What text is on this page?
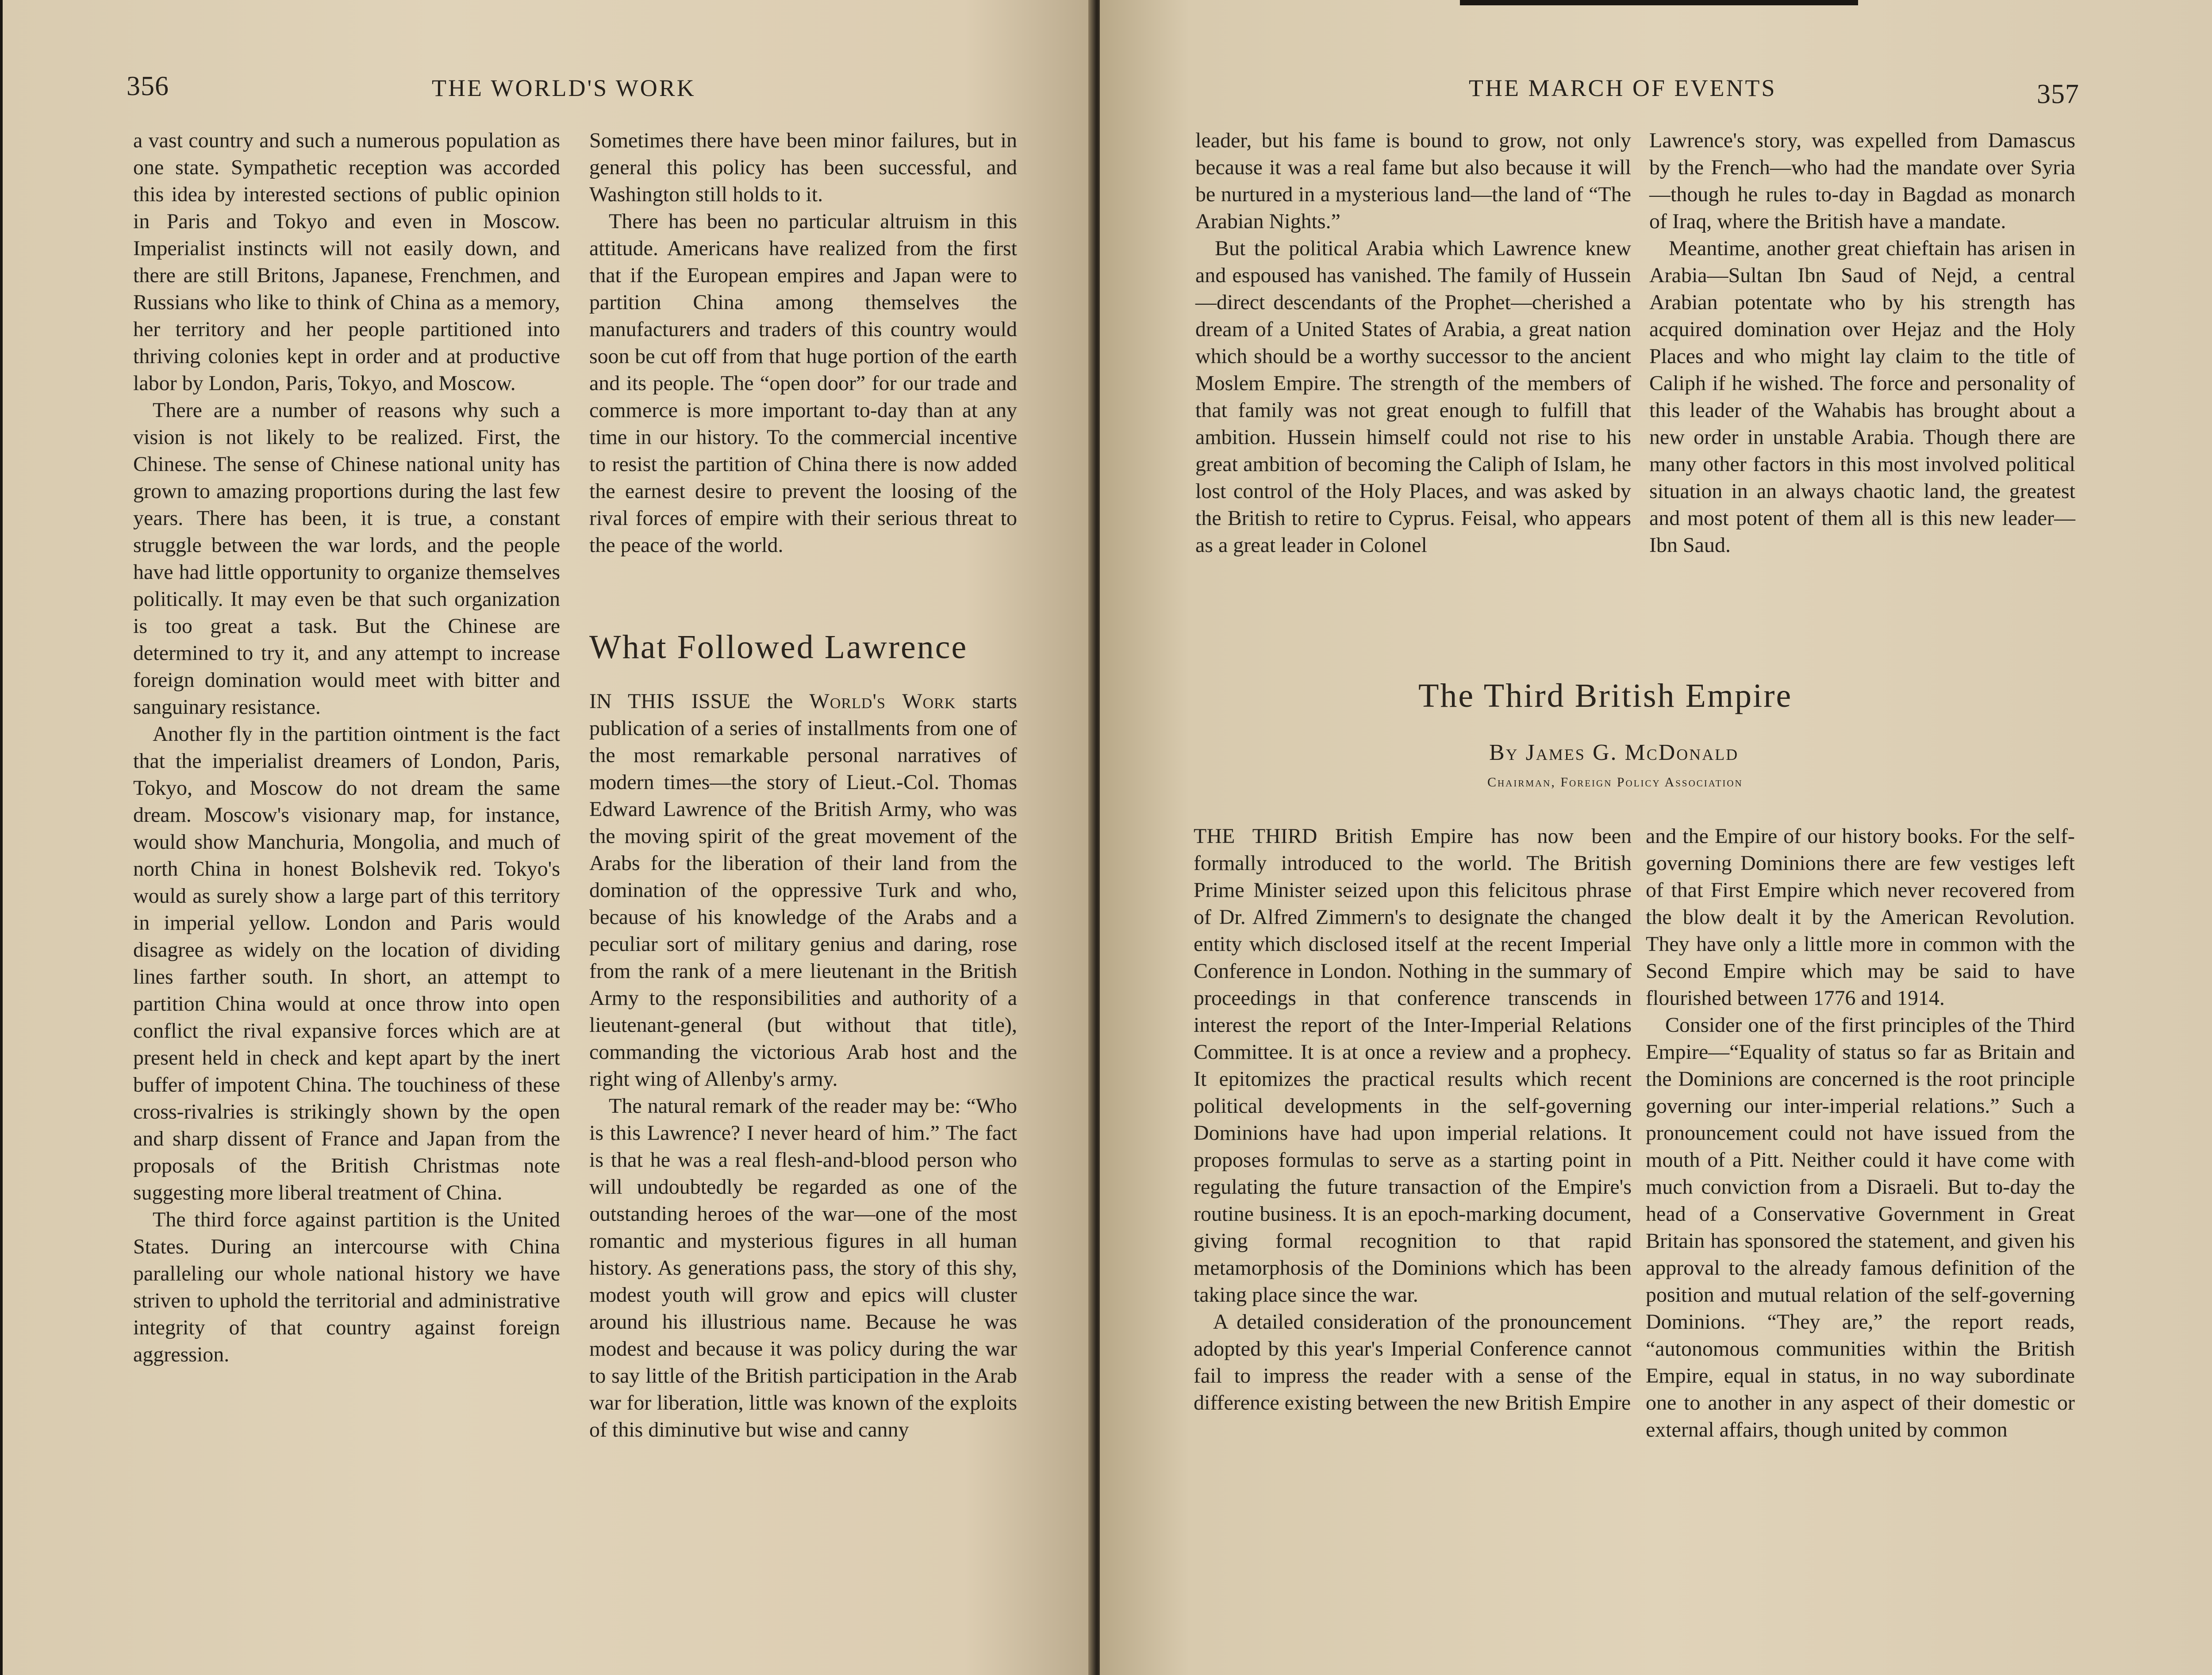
356	THE WORLD'S WORK

a vast country and such a numerous population as one state. Sympathetic reception was accorded this idea by interested sections of public opinion in Paris and Tokyo and even in Moscow. Imperialist instincts will not easily down, and there are still Britons, Japanese, Frenchmen, and Russians who like to think of China as a memory, her territory and her people partitioned into thriving colonies kept in order and at productive labor by London, Paris, Tokyo, and Moscow.

There are a number of reasons why such a vision is not likely to be realized. First, the Chinese. The sense of Chinese national unity has grown to amazing proportions during the last few years. There has been, it is true, a constant struggle between the war lords, and the people have had little opportunity to organize themselves politically. It may even be that such organization is too great a task. But the Chinese are determined to try it, and any attempt to increase foreign domination would meet with bitter and sanguinary resistance.

Another fly in the partition ointment is the fact that the imperialist dreamers of London, Paris, Tokyo, and Moscow do not dream the same dream. Moscow's visionary map, for instance, would show Manchuria, Mongolia, and much of north China in honest Bolshevik red. Tokyo's would as surely show a large part of this territory in imperial yellow. London and Paris would disagree as widely on the location of dividing lines farther south. In short, an attempt to partition China would at once throw into open conflict the rival expansive forces which are at present held in check and kept apart by the inert buffer of impotent China. The touchiness of these cross-rivalries is strikingly shown by the open and sharp dissent of France and Japan from the proposals of the British Christmas note suggesting more liberal treatment of China.

The third force against partition is the United States. During an intercourse with China paralleling our whole national history we have striven to uphold the territorial and administrative integrity of that country against foreign aggression.

Sometimes there have been minor failures, but in general this policy has been successful, and Washington still holds to it.

There has been no particular altruism in this attitude. Americans have realized from the first that if the European empires and Japan were to partition China among themselves the manufacturers and traders of this country would soon be cut off from that huge portion of the earth and its people. The “open door” for our trade and commerce is more important to-day than at any time in our history. To the commercial incentive to resist the partition of China there is now added the earnest desire to prevent the loosing of the rival forces of empire with their serious threat to the peace of the world.

What Followed Lawrence

IN THIS ISSUE the World's Work starts publication of a series of installments from one of the most remarkable personal narratives of modern times—the story of Lieut.-Col. Thomas Edward Lawrence of the British Army, who was the moving spirit of the great movement of the Arabs for the liberation of their land from the domination of the oppressive Turk and who, because of his knowledge of the Arabs and a peculiar sort of military genius and daring, rose from the rank of a mere lieutenant in the British Army to the responsibilities and authority of a lieutenant-general (but without that title), commanding the victorious Arab host and the right wing of Allenby's army.

The natural remark of the reader may be: “Who is this Lawrence? I never heard of him.” The fact is that he was a real flesh-and-blood person who will undoubtedly be regarded as one of the outstanding heroes of the war—one of the most romantic and mysterious figures in all human history. As generations pass, the story of this shy, modest youth will grow and epics will cluster around his illustrious name. Because he was modest and because it was policy during the war to say little of the British participation in the Arab war for liberation, little was known of the exploits of this diminutive but wise and canny

THE MARCH OF EVENTS	357

leader, but his fame is bound to grow, not only because it was a real fame but also because it will be nurtured in a mysterious land—the land of “The Arabian Nights.”

But the political Arabia which Lawrence knew and espoused has vanished. The family of Hussein—direct descendants of the Prophet—cherished a dream of a United States of Arabia, a great nation which should be a worthy successor to the ancient Moslem Empire. The strength of the members of that family was not great enough to fulfill that ambition. Hussein himself could not rise to his great ambition of becoming the Caliph of Islam, he lost control of the Holy Places, and was asked by the British to retire to Cyprus. Feisal, who appears as a great leader in Colonel

Lawrence's story, was expelled from Damascus by the French—who had the mandate over Syria—though he rules to-day in Bagdad as monarch of Iraq, where the British have a mandate.

Meantime, another great chieftain has arisen in Arabia—Sultan Ibn Saud of Nejd, a central Arabian potentate who by his strength has acquired domination over Hejaz and the Holy Places and who might lay claim to the title of Caliph if he wished. The force and personality of this leader of the Wahabis has brought about a new order in unstable Arabia. Though there are many other factors in this most involved political situation in an always chaotic land, the greatest and most potent of them all is this new leader—Ibn Saud.

The Third British Empire
By James G. McDonald
Chairman, Foreign Policy Association

THE THIRD British Empire has now been formally introduced to the world. The British Prime Minister seized upon this felicitous phrase of Dr. Alfred Zimmern's to designate the changed entity which disclosed itself at the recent Imperial Conference in London. Nothing in the summary of proceedings in that conference transcends in interest the report of the Inter-Imperial Relations Committee. It is at once a review and a prophecy. It epitomizes the practical results which recent political developments in the self-governing Dominions have had upon imperial relations. It proposes formulas to serve as a starting point in regulating the future transaction of the Empire's routine business. It is an epoch-marking document, giving formal recognition to that rapid metamorphosis of the Dominions which has been taking place since the war.

A detailed consideration of the pronouncement adopted by this year's Imperial Conference cannot fail to impress the reader with a sense of the difference existing between the new British Empire

and the Empire of our history books. For the self-governing Dominions there are few vestiges left of that First Empire which never recovered from the blow dealt it by the American Revolution. They have only a little more in common with the Second Empire which may be said to have flourished between 1776 and 1914.

Consider one of the first principles of the Third Empire—“Equality of status so far as Britain and the Dominions are concerned is the root principle governing our inter-imperial relations.” Such a pronouncement could not have issued from the mouth of a Pitt. Neither could it have come with much conviction from a Disraeli. But to-day the head of a Conservative Government in Great Britain has sponsored the statement, and given his approval to the already famous definition of the position and mutual relation of the self-governing Dominions. “They are,” the report reads, “autonomous communities within the British Empire, equal in status, in no way subordinate one to another in any aspect of their domestic or external affairs, though united by common
